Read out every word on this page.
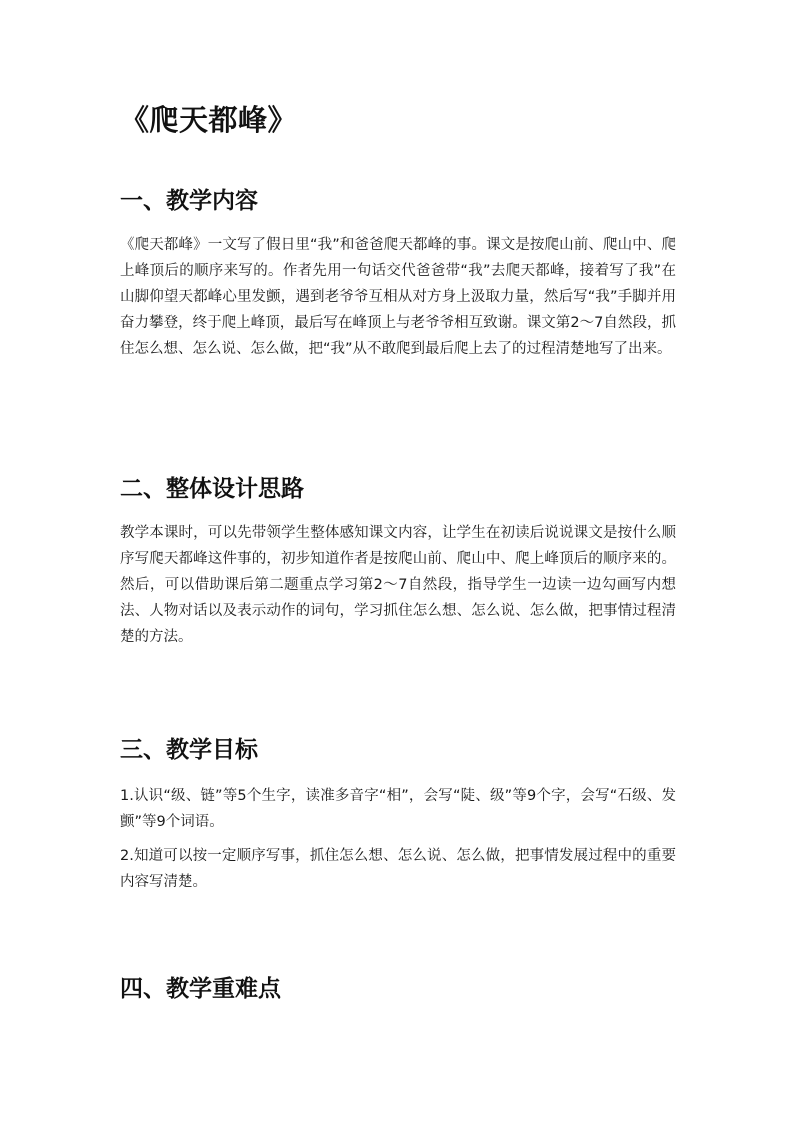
《爬天都峰》
一、教学内容

《爬天都峰》一文写了假日里“我”和爸爸爬天都峰的事。课文是按爬山前、爬山中、爬上峰顶后的顺序来写的。作者先用一句话交代爸爸带“我”去爬天都峰，接着写了我”在山脚仰望天都峰心里发颤，遇到老爷爷互相从对方身上汲取力量，然后写“我”手脚并用奋力攀登，终于爬上峰顶，最后写在峰顶上与老爷爷相互致谢。课文第2～7自然段，抓住怎么想、怎么说、怎么做，把“我”从不敢爬到最后爬上去了的过程清楚地写了出来。

二、整体设计思路

教学本课时，可以先带领学生整体感知课文内容，让学生在初读后说说课文是按什么顺序写爬天都峰这件事的，初步知道作者是按爬山前、爬山中、爬上峰顶后的顺序来的。然后，可以借助课后第二题重点学习第2～7自然段，指导学生一边读一边勾画写内想法、人物对话以及表示动作的词句，学习抓住怎么想、怎么说、怎么做，把事情过程清楚的方法。

三、教学目标

1.认识“级、链”等5个生字，读准多音字“相”，会写“陡、级”等9个字，会写“石级、发颤”等9个词语。

2.知道可以按一定顺序写事，抓住怎么想、怎么说、怎么做，把事情发展过程中的重要内容写清楚。

四、教学重难点
